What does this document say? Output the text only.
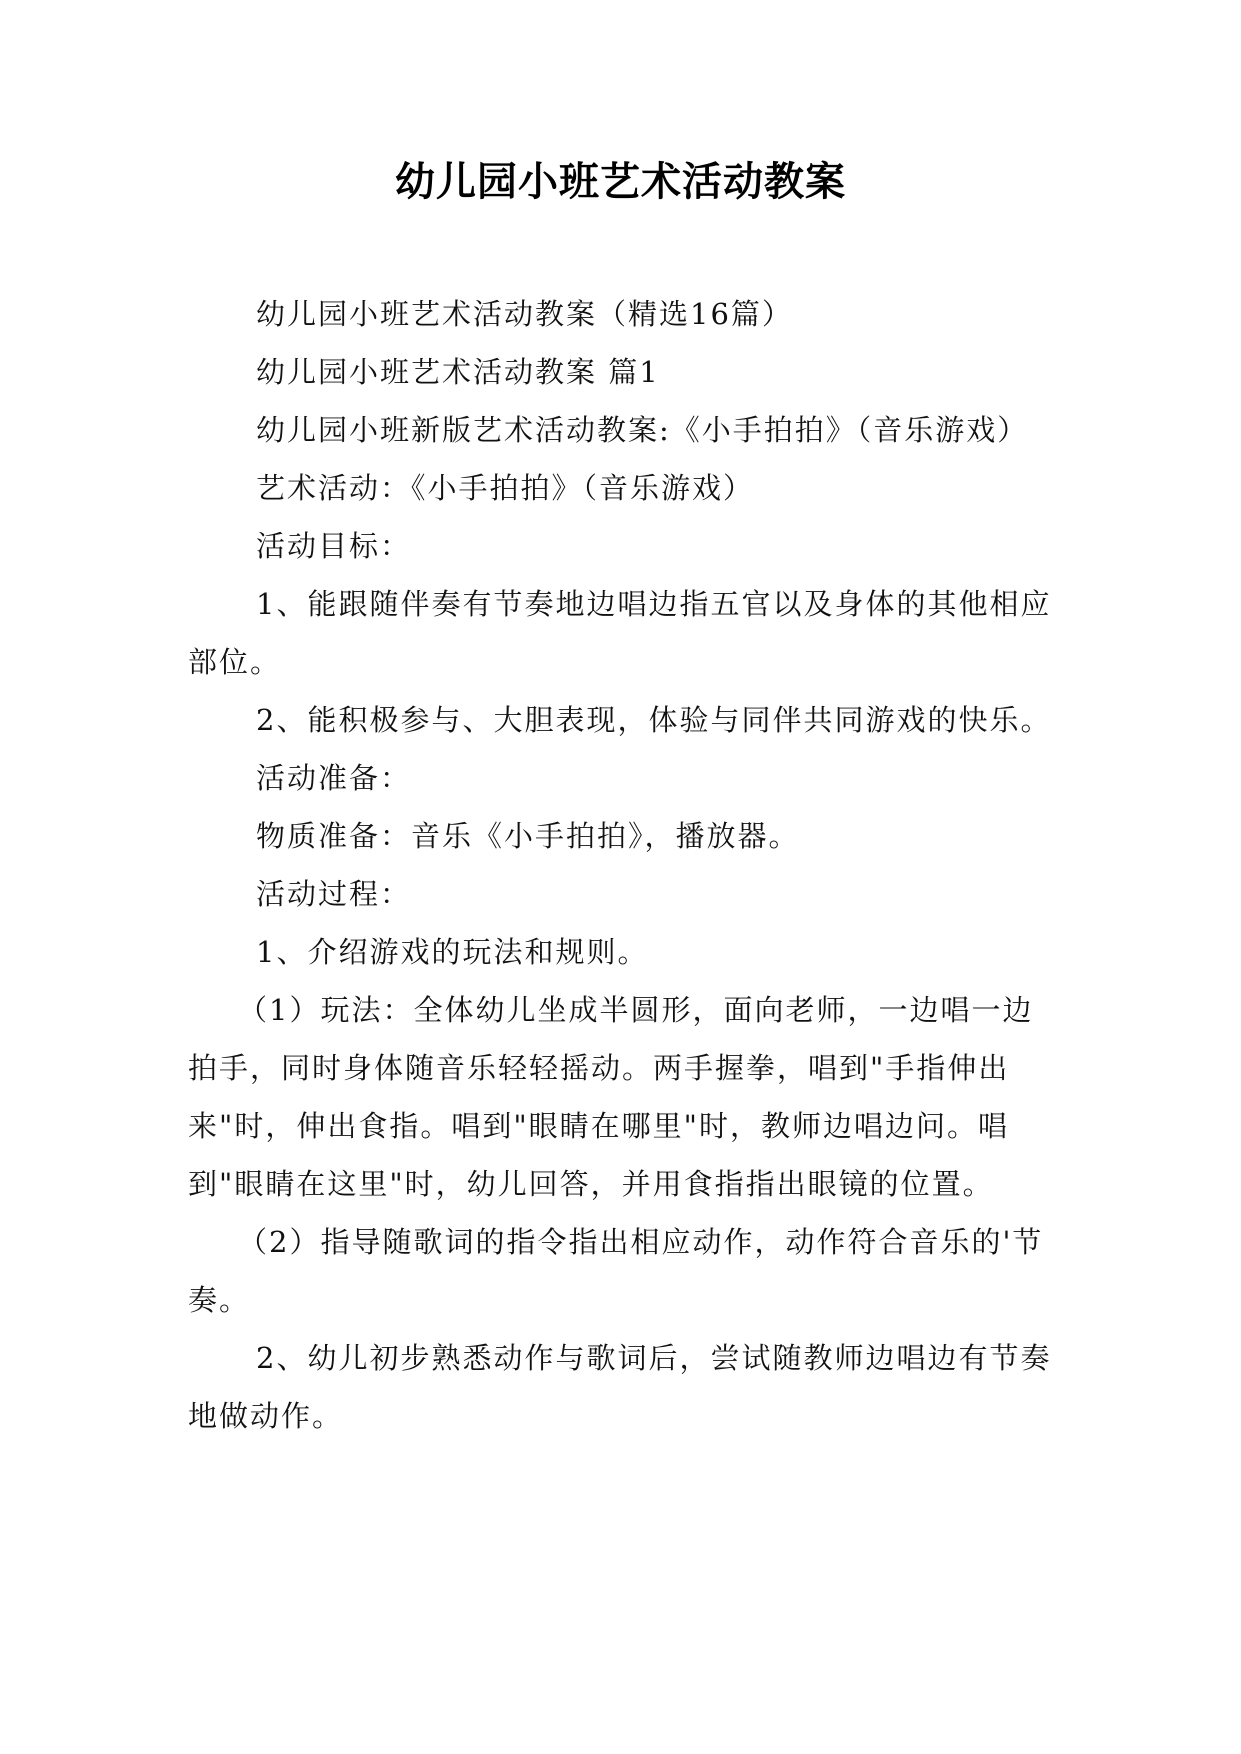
幼儿园小班艺术活动教案

幼儿园小班艺术活动教案（精选16篇）

幼儿园小班艺术活动教案 篇1

幼儿园小班新版艺术活动教案:《小手拍拍》（音乐游戏）

艺术活动：《小手拍拍》（音乐游戏）

活动目标：

1、能跟随伴奏有节奏地边唱边指五官以及身体的其他相应部位。

2、能积极参与、大胆表现，体验与同伴共同游戏的快乐。

活动准备：

物质准备：音乐《小手拍拍》，播放器。

活动过程：

1、介绍游戏的玩法和规则。

（1）玩法：全体幼儿坐成半圆形，面向老师，一边唱一边拍手，同时身体随音乐轻轻摇动。两手握拳，唱到"手指伸出来"时，伸出食指。唱到"眼睛在哪里"时，教师边唱边问。唱到"眼睛在这里"时，幼儿回答，并用食指指出眼镜的位置。

（2）指导随歌词的指令指出相应动作，动作符合音乐的'节奏。

2、幼儿初步熟悉动作与歌词后，尝试随教师边唱边有节奏地做动作。
